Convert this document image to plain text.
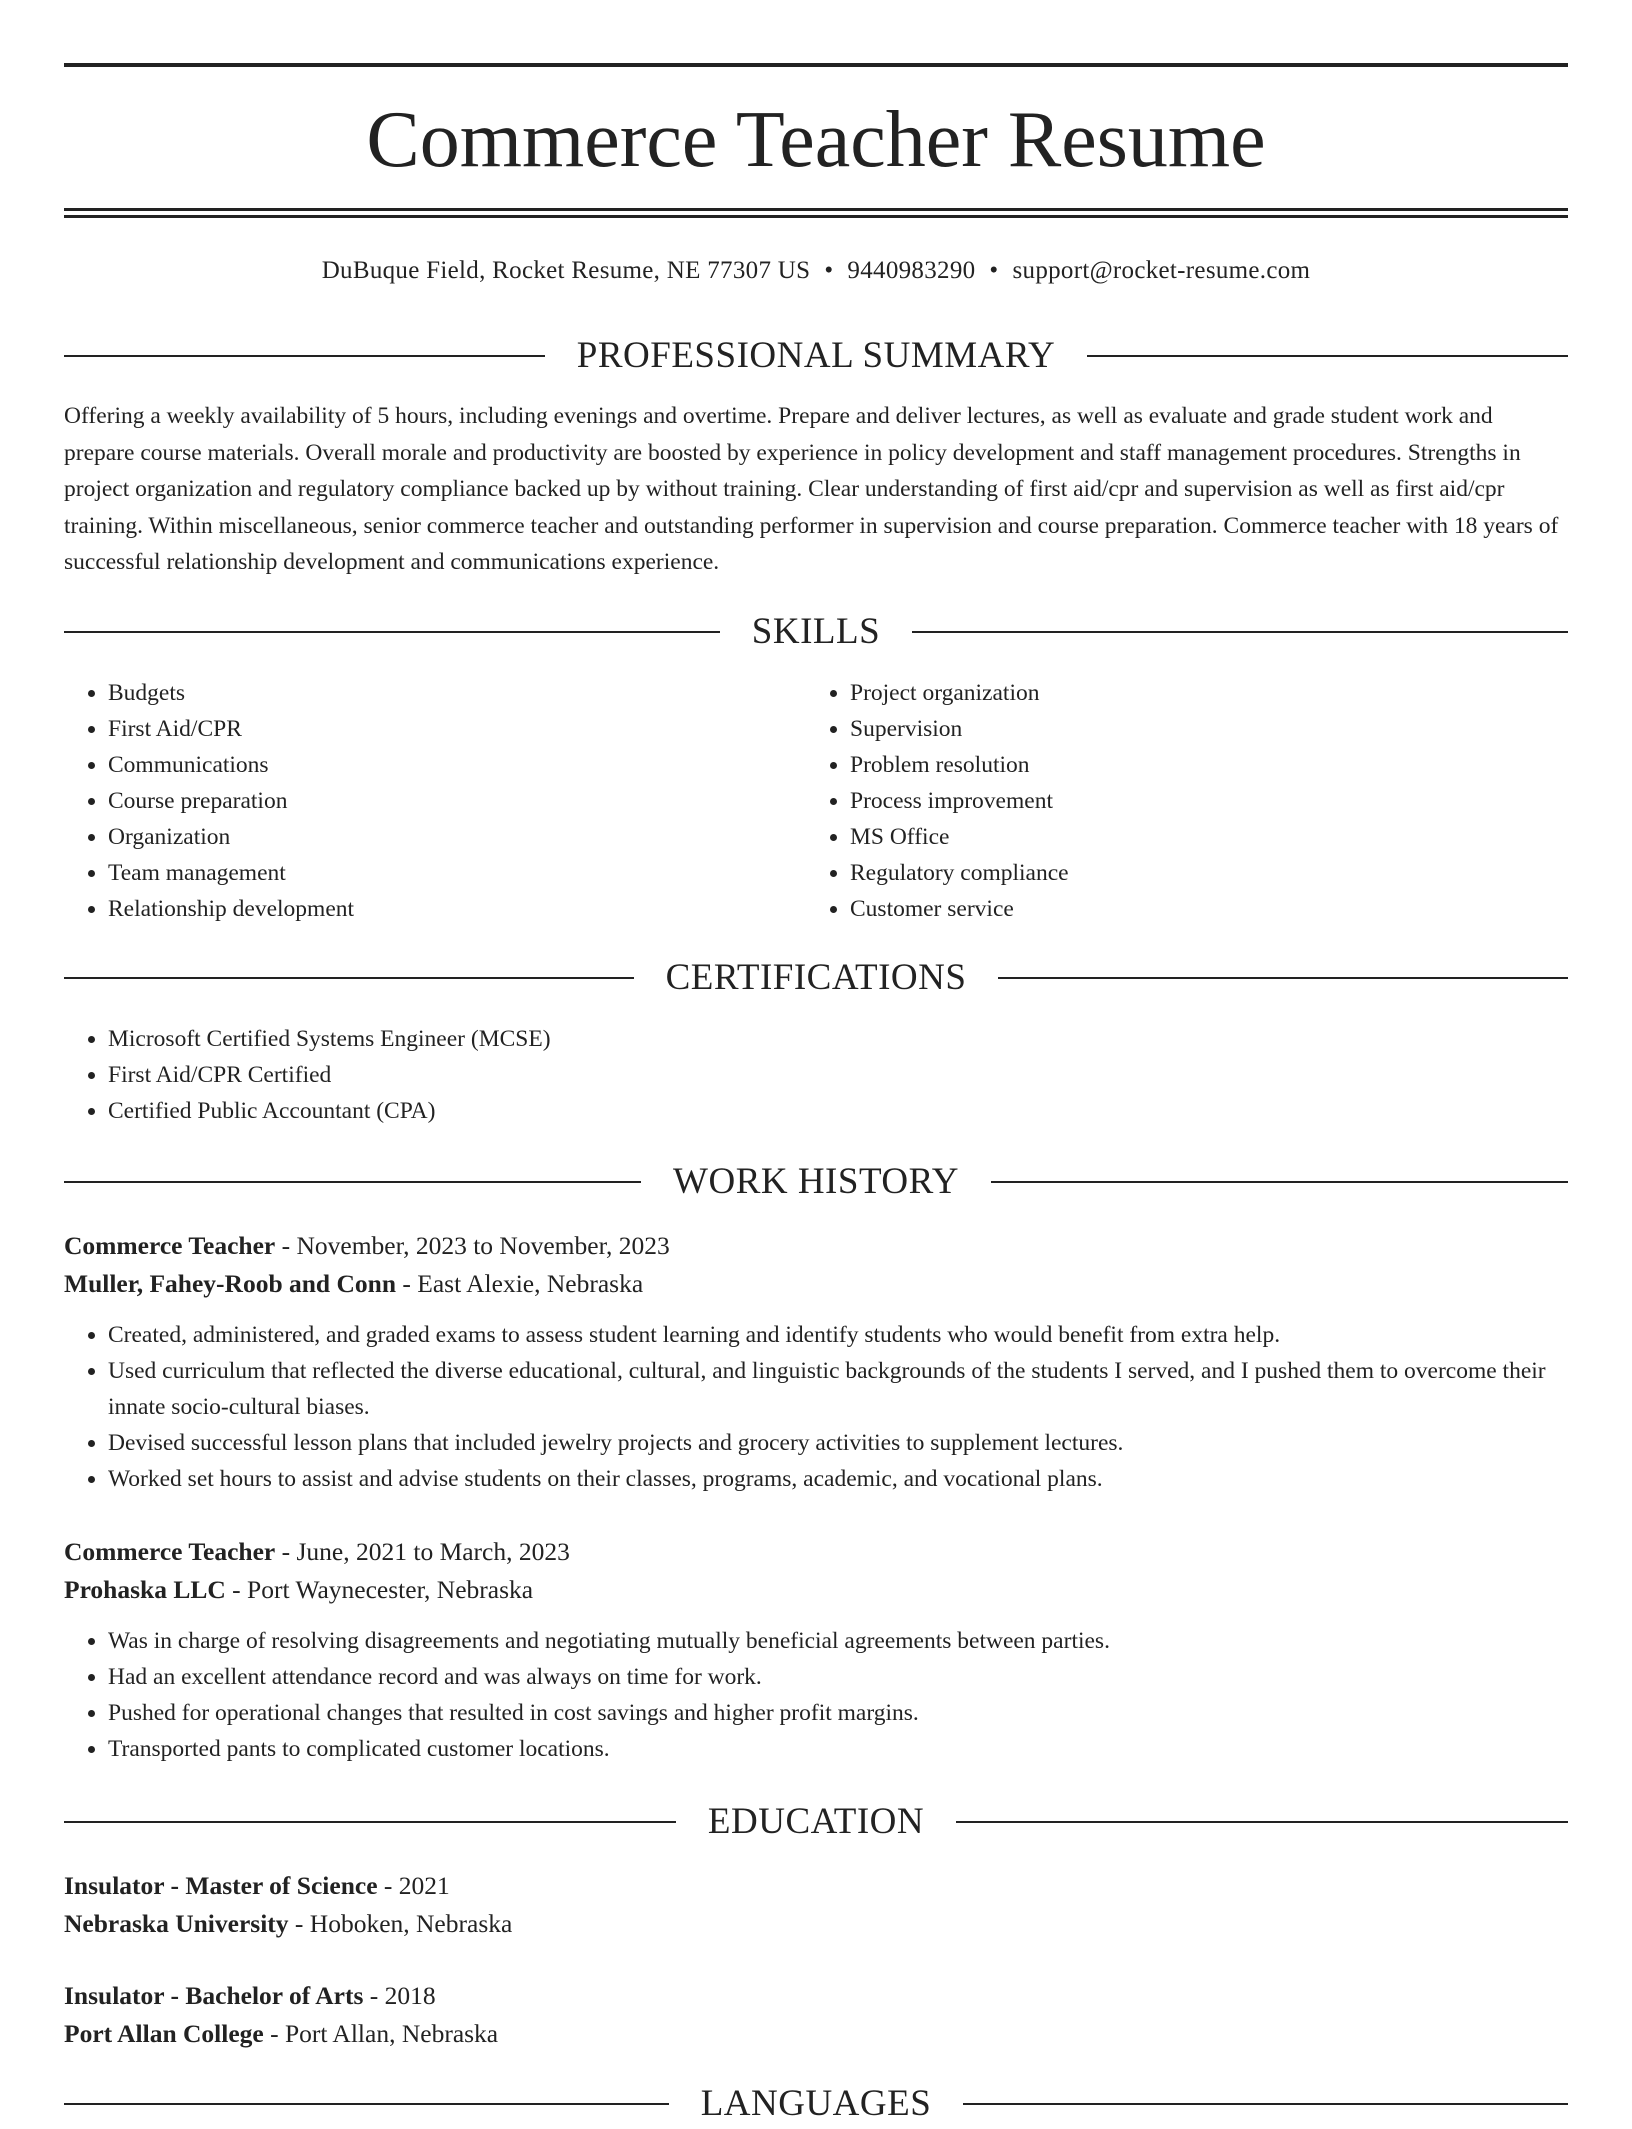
Commerce Teacher Resume
DuBuque Field, Rocket Resume, NE 77307 US • 9440983290 • support@rocket-resume.com
PROFESSIONAL SUMMARY

Offering a weekly availability of 5 hours, including evenings and overtime. Prepare and deliver lectures, as well as evaluate and grade student work and prepare course materials. Overall morale and productivity are boosted by experience in policy development and staff management procedures. Strengths in project organization and regulatory compliance backed up by without training. Clear understanding of first aid/cpr and supervision as well as first aid/cpr training. Within miscellaneous, senior commerce teacher and outstanding performer in supervision and course preparation. Commerce teacher with 18 years of successful relationship development and communications experience.

SKILLS
• Budgets
• First Aid/CPR
• Communications
• Course preparation
• Organization
• Team management
• Relationship development
• Project organization
• Supervision
• Problem resolution
• Process improvement
• MS Office
• Regulatory compliance
• Customer service
CERTIFICATIONS
• Microsoft Certified Systems Engineer (MCSE)
• First Aid/CPR Certified
• Certified Public Accountant (CPA)
WORK HISTORY
Commerce Teacher - November, 2023 to November, 2023
Muller, Fahey-Roob and Conn - East Alexie, Nebraska
• Created, administered, and graded exams to assess student learning and identify students who would benefit from extra help.
• Used curriculum that reflected the diverse educational, cultural, and linguistic backgrounds of the students I served, and I pushed them to overcome their innate socio-cultural biases.
• Devised successful lesson plans that included jewelry projects and grocery activities to supplement lectures.
• Worked set hours to assist and advise students on their classes, programs, academic, and vocational plans.
Commerce Teacher - June, 2021 to March, 2023
Prohaska LLC - Port Waynecester, Nebraska
• Was in charge of resolving disagreements and negotiating mutually beneficial agreements between parties.
• Had an excellent attendance record and was always on time for work.
• Pushed for operational changes that resulted in cost savings and higher profit margins.
• Transported pants to complicated customer locations.
EDUCATION
Insulator - Master of Science - 2021
Nebraska University - Hoboken, Nebraska
Insulator - Bachelor of Arts - 2018
Port Allan College - Port Allan, Nebraska
LANGUAGES
